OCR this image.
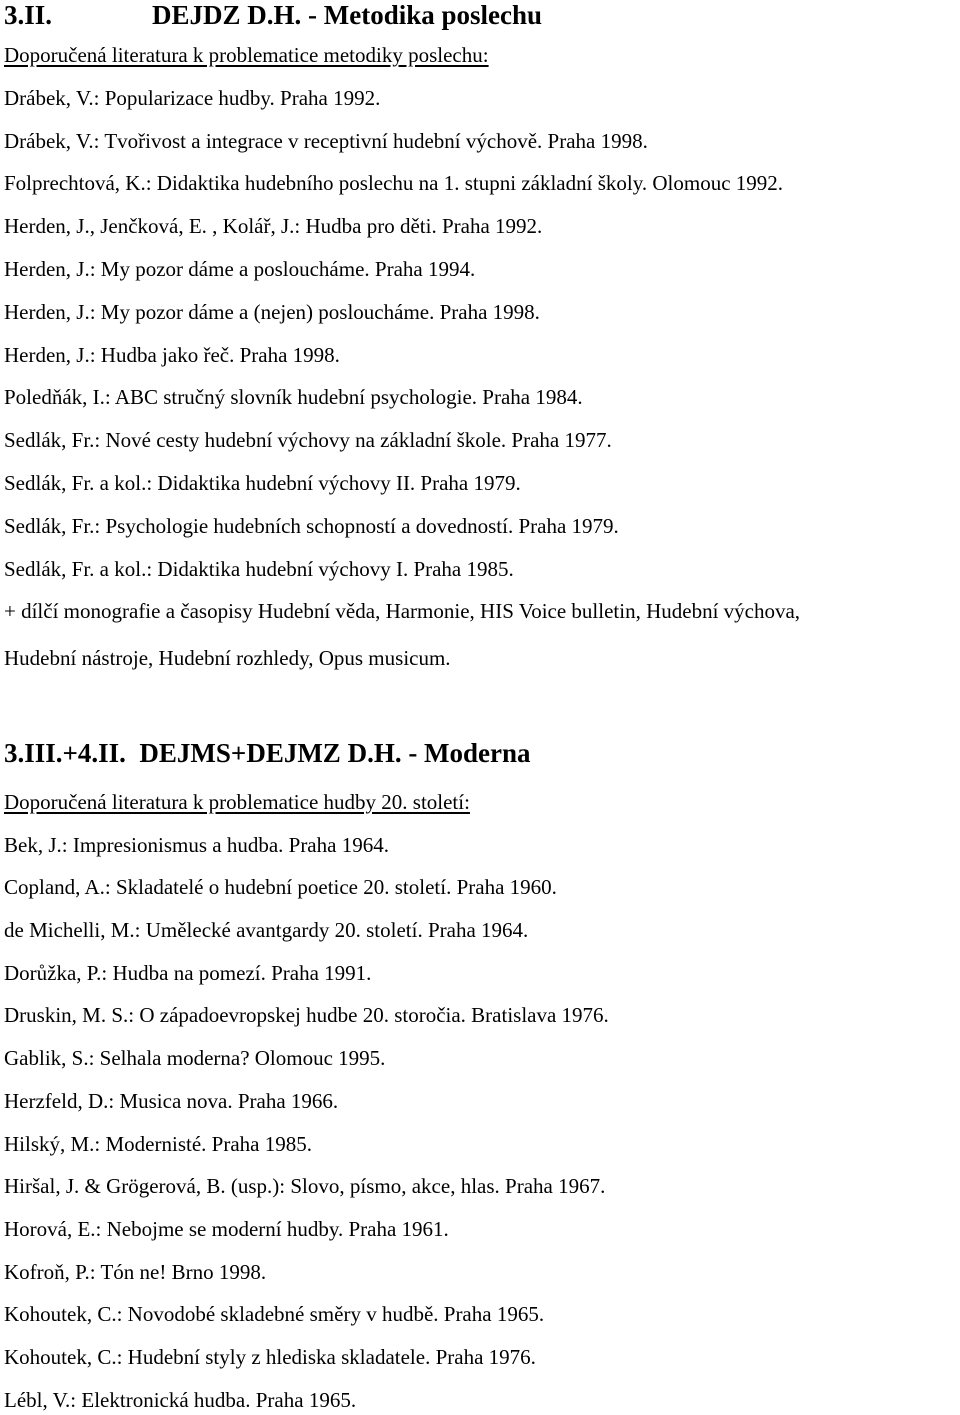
3.II.	DEJDZ D.H. - Metodika poslechu
Doporučená literatura k problematice metodiky poslechu:
Drábek, V.: Popularizace hudby. Praha 1992.
Drábek, V.: Tvořivost a integrace v receptivní hudební výchově. Praha 1998.
Folprechtová, K.: Didaktika hudebního poslechu na 1. stupni základní školy. Olomouc 1992.
Herden, J., Jenčková, E. , Kolář, J.: Hudba pro děti. Praha 1992.
Herden, J.: My pozor dáme a posloucháme. Praha 1994.
Herden, J.: My pozor dáme a (nejen) posloucháme. Praha 1998.
Herden, J.: Hudba jako řeč. Praha 1998.
Poledňák, I.: ABC stručný slovník hudební psychologie. Praha 1984.
Sedlák, Fr.: Nové cesty hudební výchovy na základní škole. Praha 1977.
Sedlák, Fr. a kol.: Didaktika hudební výchovy II. Praha 1979.
Sedlák, Fr.: Psychologie hudebních schopností a dovedností. Praha 1979.
Sedlák, Fr. a kol.: Didaktika hudební výchovy I. Praha 1985.
+ dílčí monografie a časopisy Hudební věda, Harmonie, HIS Voice bulletin, Hudební výchova,
Hudební nástroje, Hudební rozhledy, Opus musicum.
3.III.+4.II. DEJMS+DEJMZ D.H. - Moderna
Doporučená literatura k problematice hudby 20. století:
Bek, J.: Impresionismus a hudba. Praha 1964.
Copland, A.: Skladatelé o hudební poetice 20. století. Praha 1960.
de Michelli, M.: Umělecké avantgardy 20. století. Praha 1964.
Dorůžka, P.: Hudba na pomezí. Praha 1991.
Druskin, M. S.: O západoevropskej hudbe 20. storočia. Bratislava 1976.
Gablik, S.: Selhala moderna? Olomouc 1995.
Herzfeld, D.: Musica nova. Praha 1966.
Hilský, M.: Modernisté. Praha 1985.
Hiršal, J. & Grögerová, B. (usp.): Slovo, písmo, akce, hlas. Praha 1967.
Horová, E.: Nebojme se moderní hudby. Praha 1961.
Kofroň, P.: Tón ne! Brno 1998.
Kohoutek, C.: Novodobé skladebné směry v hudbě. Praha 1965.
Kohoutek, C.: Hudební styly z hlediska skladatele. Praha 1976.
Lébl, V.: Elektronická hudba. Praha 1965.
